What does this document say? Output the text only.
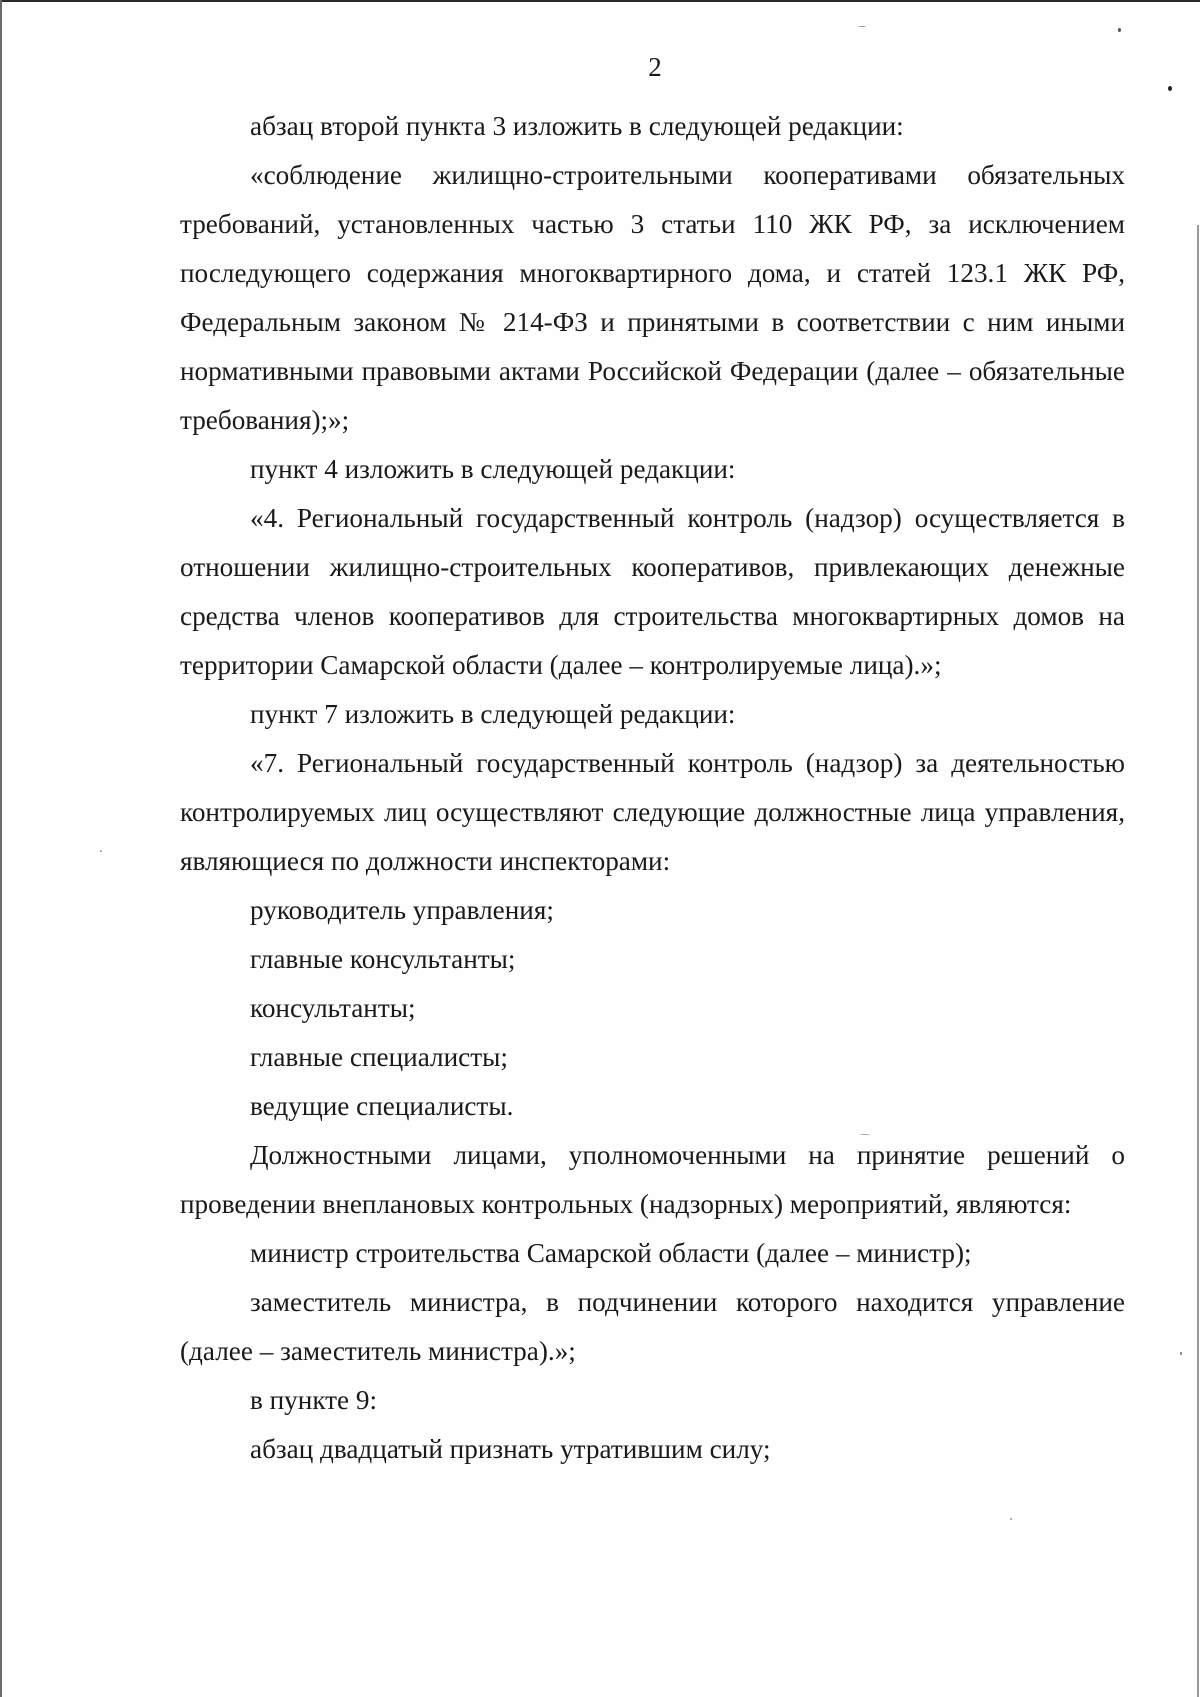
2

абзац второй пункта 3 изложить в следующей редакции:

«соблюдение жилищно-строительными кооперативами обязательных требований, установленных частью 3 статьи 110 ЖК РФ, за исключением последующего содержания многоквартирного дома, и статей 123.1 ЖК РФ, Федеральным законом № 214-ФЗ и принятыми в соответствии с ним иными нормативными правовыми актами Российской Федерации (далее – обязательные требования);»;

пункт 4 изложить в следующей редакции:

«4. Региональный государственный контроль (надзор) осуществляется в отношении жилищно-строительных кооперативов, привлекающих денежные средства членов кооперативов для строительства многоквартирных домов на территории Самарской области (далее – контролируемые лица).»;

пункт 7 изложить в следующей редакции:

«7. Региональный государственный контроль (надзор) за деятельностью контролируемых лиц осуществляют следующие должностные лица управления, являющиеся по должности инспекторами:

руководитель управления;

главные консультанты;

консультанты;

главные специалисты;

ведущие специалисты.

Должностными лицами, уполномоченными на принятие решений о проведении внеплановых контрольных (надзорных) мероприятий, являются:

министр строительства Самарской области (далее – министр);

заместитель министра, в подчинении которого находится управление (далее – заместитель министра).»;

в пункте 9:

абзац двадцатый признать утратившим силу;
